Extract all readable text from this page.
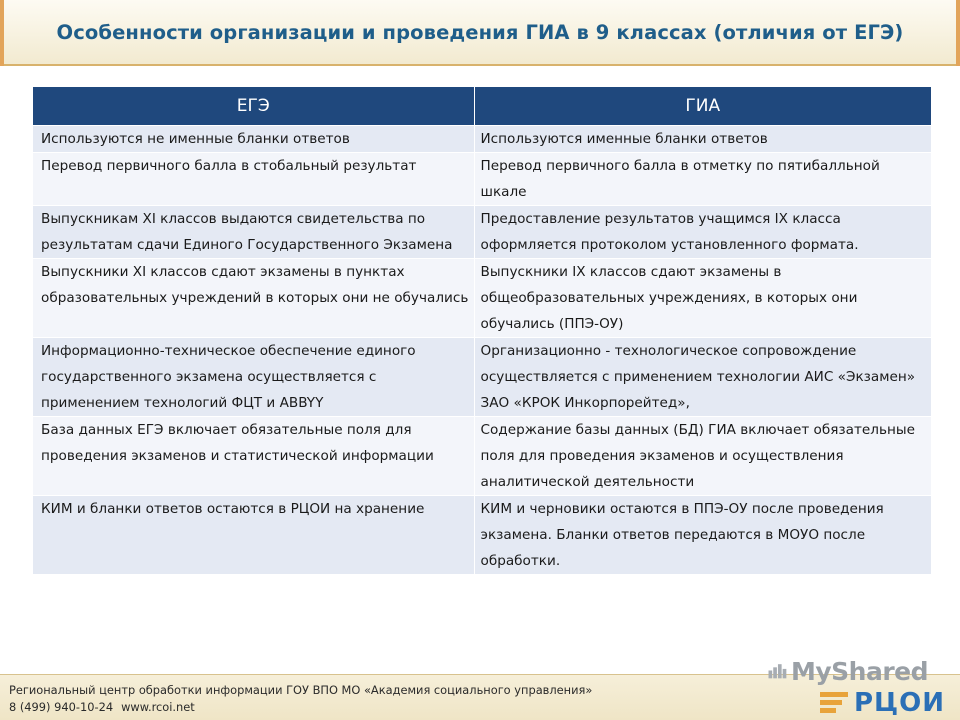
Особенности организации и проведения ГИА в 9 классах (отличия от ЕГЭ)
ЕГЭ	ГИА
Используются не именные бланки ответов	Используются именные бланки ответов
Перевод первичного балла в стобальный результат	Перевод первичного балла в отметку по пятибалльной шкале
Выпускникам XI классов выдаются свидетельства по результатам сдачи Единого Государственного Экзамена	Предоставление результатов учащимся IX класса оформляется протоколом установленного формата.
Выпускники XI классов сдают экзамены в пунктах образовательных учреждений в которых они не обучались	Выпускники IX классов сдают экзамены в общеобразовательных учреждениях, в которых они обучались (ППЭ-ОУ)
Информационно-техническое обеспечение единого государственного экзамена осуществляется с применением технологий ФЦТ и ABBYY	Организационно - технологическое сопровождение осуществляется с применением технологии АИС «Экзамен» ЗАО «КРОК Инкорпорейтед»,
База данных ЕГЭ включает обязательные поля для проведения экзаменов и статистической информации	Содержание базы данных (БД) ГИА включает обязательные поля для проведения экзаменов и осуществления аналитической деятельности
КИМ и бланки ответов остаются в РЦОИ на хранение	КИМ и черновики остаются в ППЭ-ОУ после проведения экзамена. Бланки ответов передаются в МОУО после обработки.
Региональный центр обработки информации ГОУ ВПО МО «Академия социального управления»
8 (499) 940-10-24 www.rcoi.net
MyShared
РЦОИ
